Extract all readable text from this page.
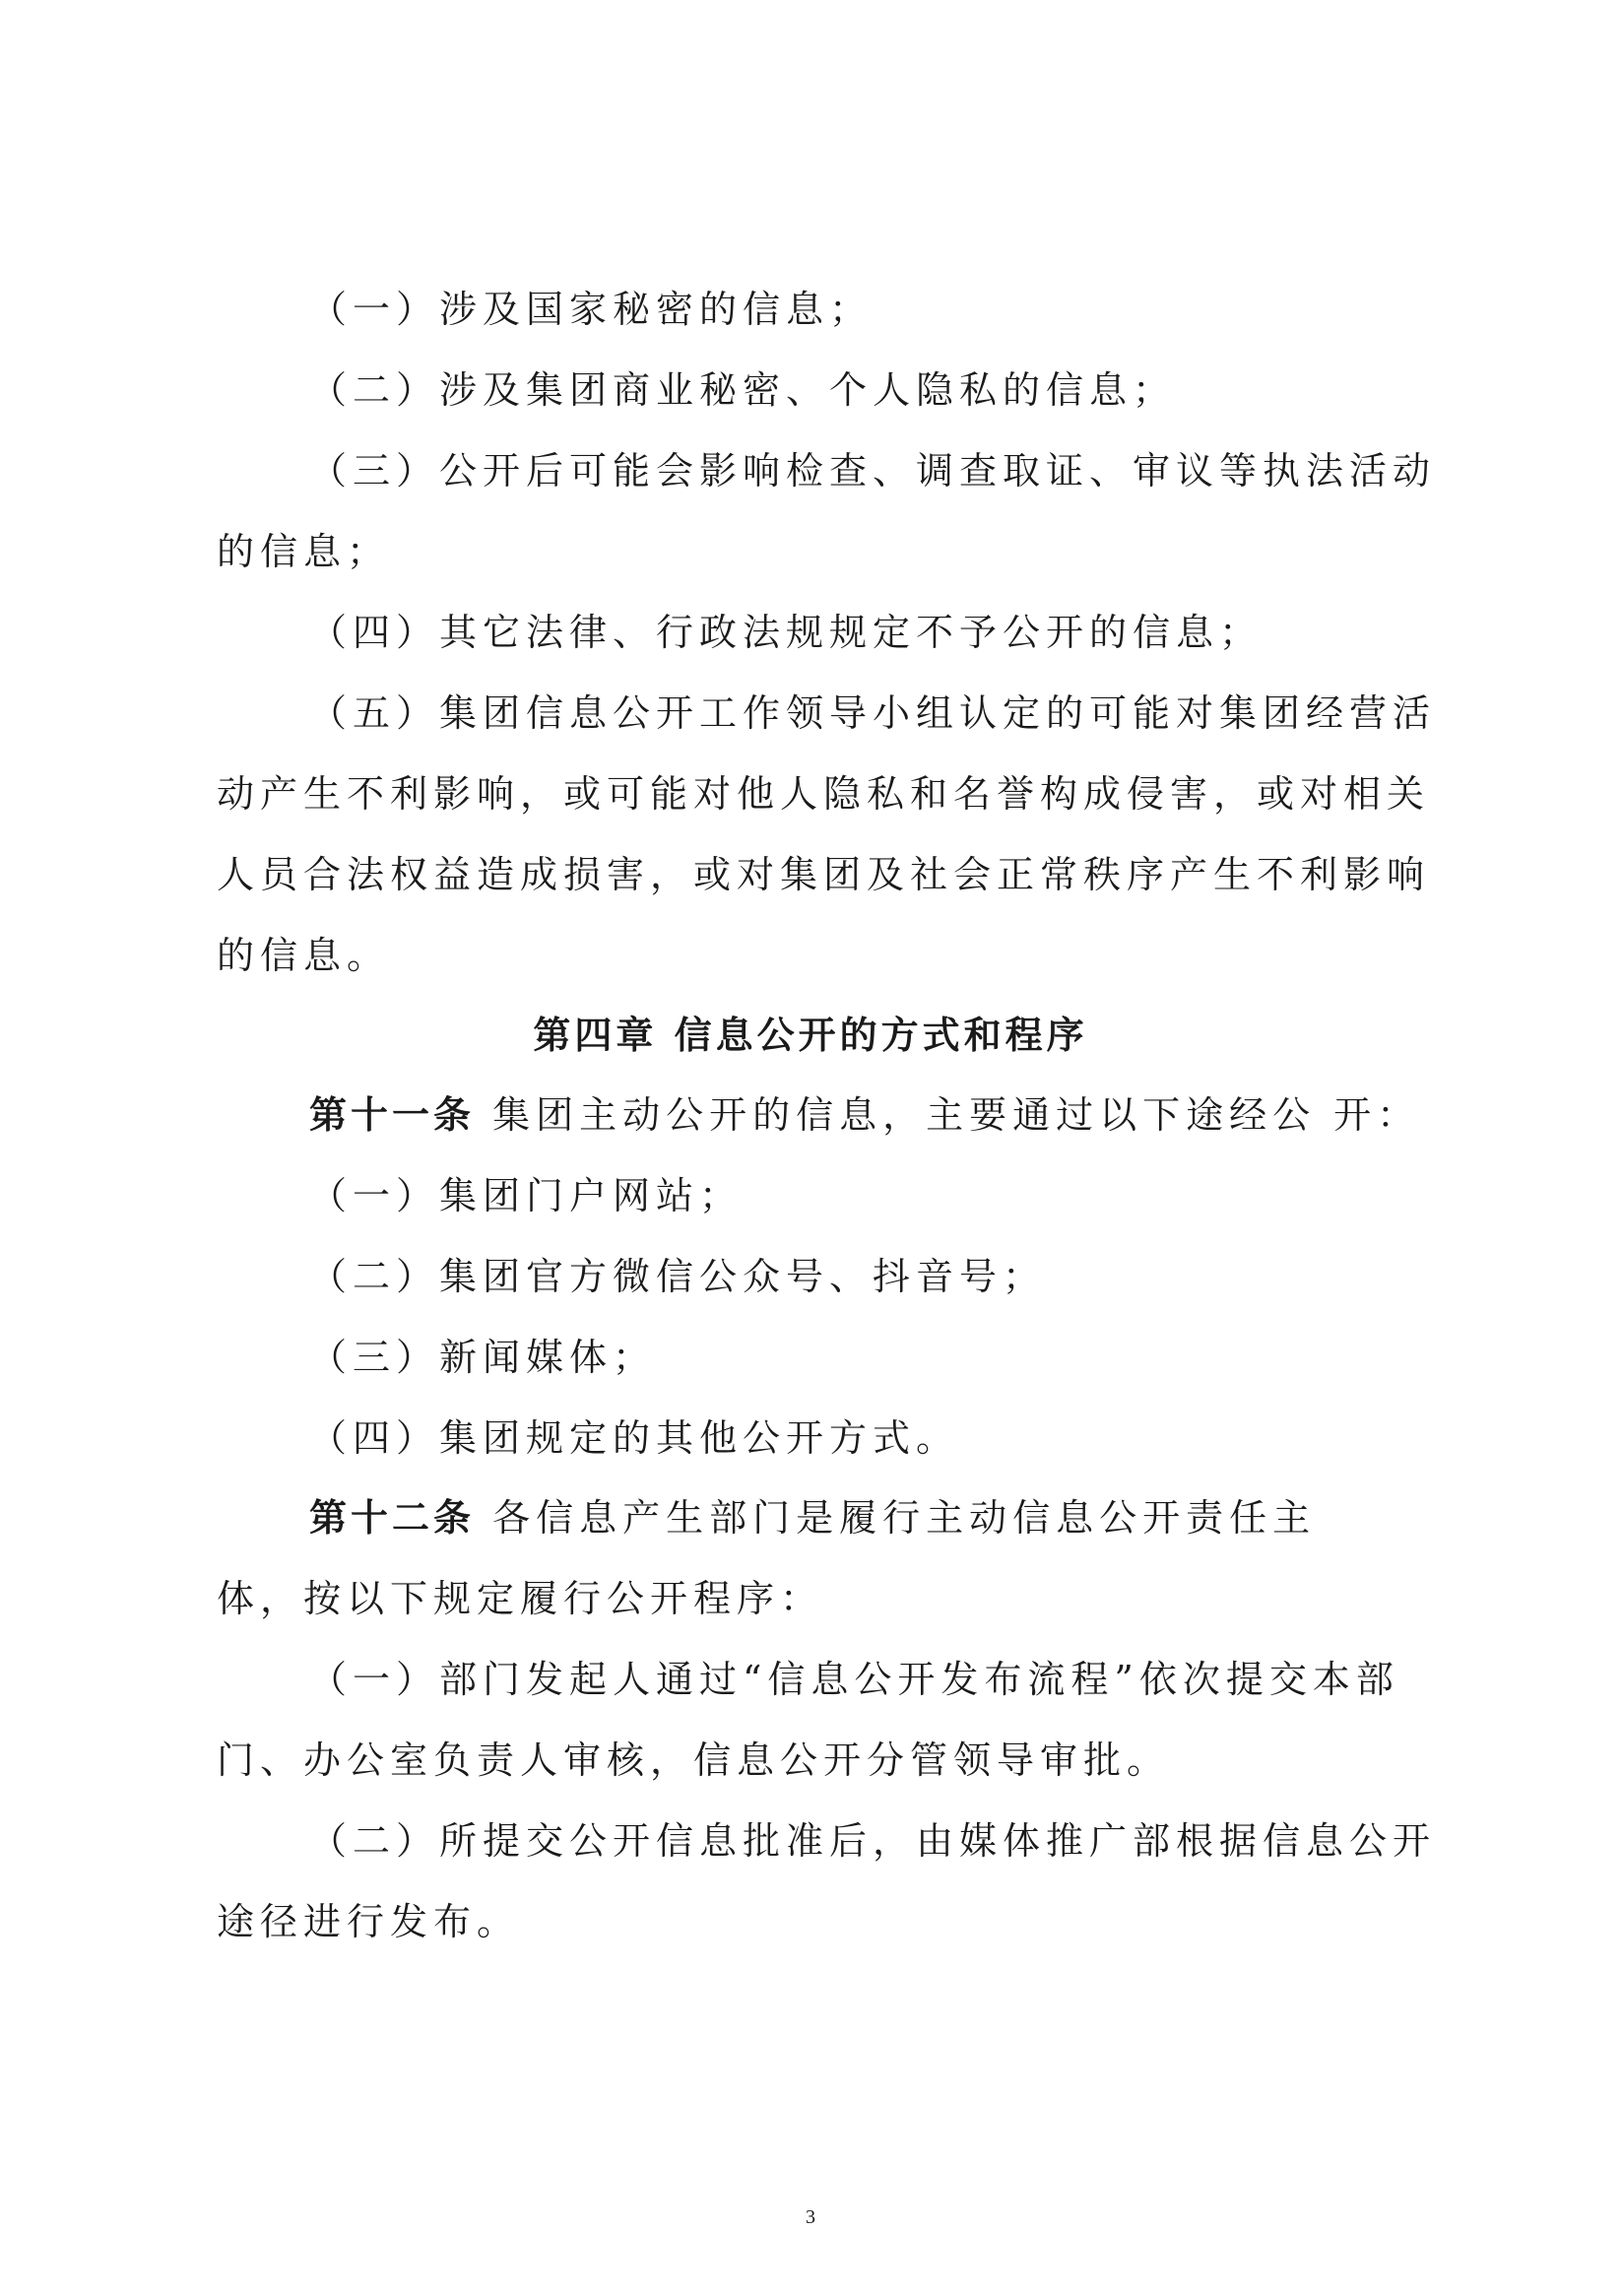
（一）涉及国家秘密的信息；
（二）涉及集团商业秘密、个人隐私的信息；
（三）公开后可能会影响检查、调查取证、审议等执法活动
的信息；
（四）其它法律、行政法规规定不予公开的信息；
（五）集团信息公开工作领导小组认定的可能对集团经营活
动产生不利影响，或可能对他人隐私和名誉构成侵害，或对相关
人员合法权益造成损害，或对集团及社会正常秩序产生不利影响
的信息。
第四章 信息公开的方式和程序
第十一条 集团主动公开的信息，主要通过以下途经公 开：
（一）集团门户网站；
（二）集团官方微信公众号、抖音号；
（三）新闻媒体；
（四）集团规定的其他公开方式。
第十二条 各信息产生部门是履行主动信息公开责任主
体，按以下规定履行公开程序：
（一）部门发起人通过“信息公开发布流程”依次提交本部
门、办公室负责人审核，信息公开分管领导审批。
（二）所提交公开信息批准后，由媒体推广部根据信息公开
途径进行发布。
3
